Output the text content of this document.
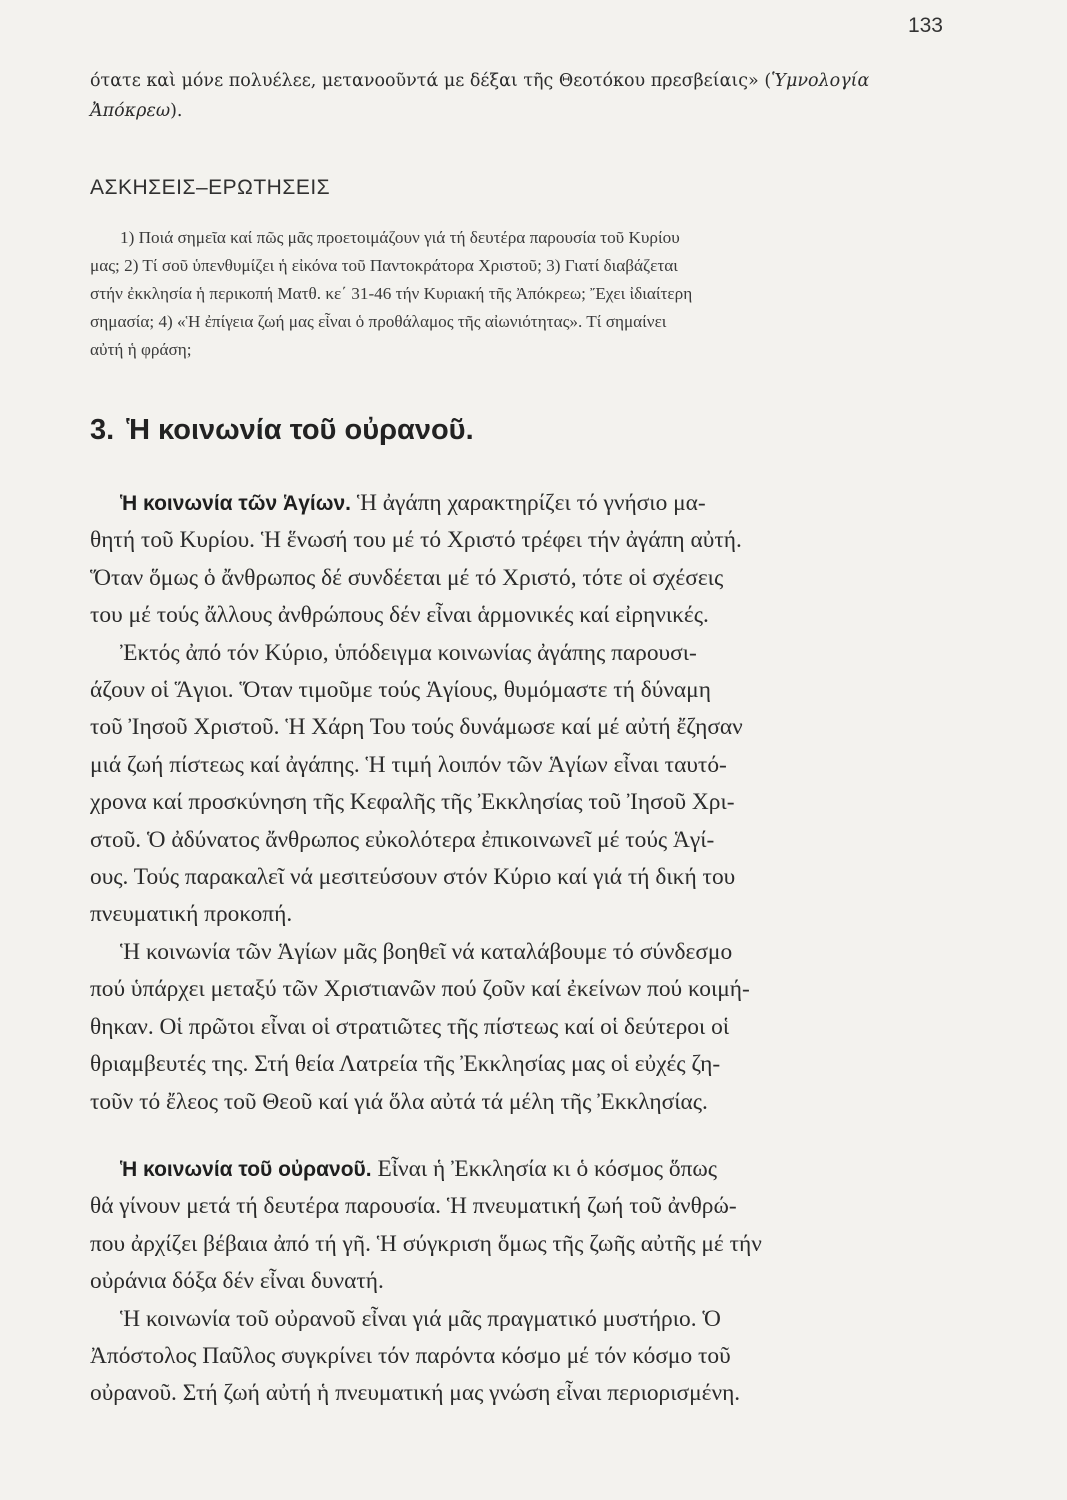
133

ότατε καὶ μόνε πολυέλεε, μετανοοῦντά με δέξαι τῆς Θεοτόκου πρεσβείαις» (Ὑμνολογία
Ἀπόκρεω).

ΑΣΚΗΣΕΙΣ–ΕΡΩΤΗΣΕΙΣ
1) Ποιά σημεῖα καί πῶς μᾶς προετοιμάζουν γιά τή δευτέρα παρουσία τοῦ Κυρίου
μας; 2) Τί σοῦ ὑπενθυμίζει ἡ εἰκόνα τοῦ Παντοκράτορα Χριστοῦ; 3) Γιατί διαβάζεται
στήν ἐκκλησία ἡ περικοπή Ματθ. κε΄ 31-46 τήν Κυριακή τῆς Ἀπόκρεω; Ἔχει ἰδιαίτερη
σημασία; 4) «Ἡ ἐπίγεια ζωή μας εἶναι ὁ προθάλαμος τῆς αἰωνιότητας». Τί σημαίνει
αὐτή ἡ φράση;
3. Ἡ κοινωνία τοῦ οὐρανοῦ.
Ἡ κοινωνία τῶν Ἁγίων. Ἡ ἀγάπη χαρακτηρίζει τό γνήσιο μα-
θητή τοῦ Κυρίου. Ἡ ἕνωσή του μέ τό Χριστό τρέφει τήν ἀγάπη αὐτή.
Ὅταν ὅμως ὁ ἄνθρωπος δέ συνδέεται μέ τό Χριστό, τότε οἱ σχέσεις
του μέ τούς ἄλλους ἀνθρώπους δέν εἶναι ἁρμονικές καί εἰρηνικές.
Ἐκτός ἀπό τόν Κύριο, ὑπόδειγμα κοινωνίας ἀγάπης παρουσι-
άζουν οἱ Ἅγιοι. Ὅταν τιμοῦμε τούς Ἁγίους, θυμόμαστε τή δύναμη
τοῦ Ἰησοῦ Χριστοῦ. Ἡ Χάρη Του τούς δυνάμωσε καί μέ αὐτή ἔζησαν
μιά ζωή πίστεως καί ἀγάπης. Ἡ τιμή λοιπόν τῶν Ἁγίων εἶναι ταυτό-
χρονα καί προσκύνηση τῆς Κεφαλῆς τῆς Ἐκκλησίας τοῦ Ἰησοῦ Χρι-
στοῦ. Ὁ ἀδύνατος ἄνθρωπος εὐκολότερα ἐπικοινωνεῖ μέ τούς Ἁγί-
ους. Τούς παρακαλεῖ νά μεσιτεύσουν στόν Κύριο καί γιά τή δική του
πνευματική προκοπή.
Ἡ κοινωνία τῶν Ἁγίων μᾶς βοηθεῖ νά καταλάβουμε τό σύνδεσμο
πού ὑπάρχει μεταξύ τῶν Χριστιανῶν πού ζοῦν καί ἐκείνων πού κοιμή-
θηκαν. Οἱ πρῶτοι εἶναι οἱ στρατιῶτες τῆς πίστεως καί οἱ δεύτεροι οἱ
θριαμβευτές της. Στή θεία Λατρεία τῆς Ἐκκλησίας μας οἱ εὐχές ζη-
τοῦν τό ἔλεος τοῦ Θεοῦ καί γιά ὅλα αὐτά τά μέλη τῆς Ἐκκλησίας.
Ἡ κοινωνία τοῦ οὐρανοῦ. Εἶναι ἡ Ἐκκλησία κι ὁ κόσμος ὅπως
θά γίνουν μετά τή δευτέρα παρουσία. Ἡ πνευματική ζωή τοῦ ἀνθρώ-
που ἀρχίζει βέβαια ἀπό τή γῆ. Ἡ σύγκριση ὅμως τῆς ζωῆς αὐτῆς μέ τήν
οὐράνια δόξα δέν εἶναι δυνατή.
Ἡ κοινωνία τοῦ οὐρανοῦ εἶναι γιά μᾶς πραγματικό μυστήριο. Ὁ
Ἀπόστολος Παῦλος συγκρίνει τόν παρόντα κόσμο μέ τόν κόσμο τοῦ
οὐρανοῦ. Στή ζωή αὐτή ἡ πνευματική μας γνώση εἶναι περιορισμένη.
